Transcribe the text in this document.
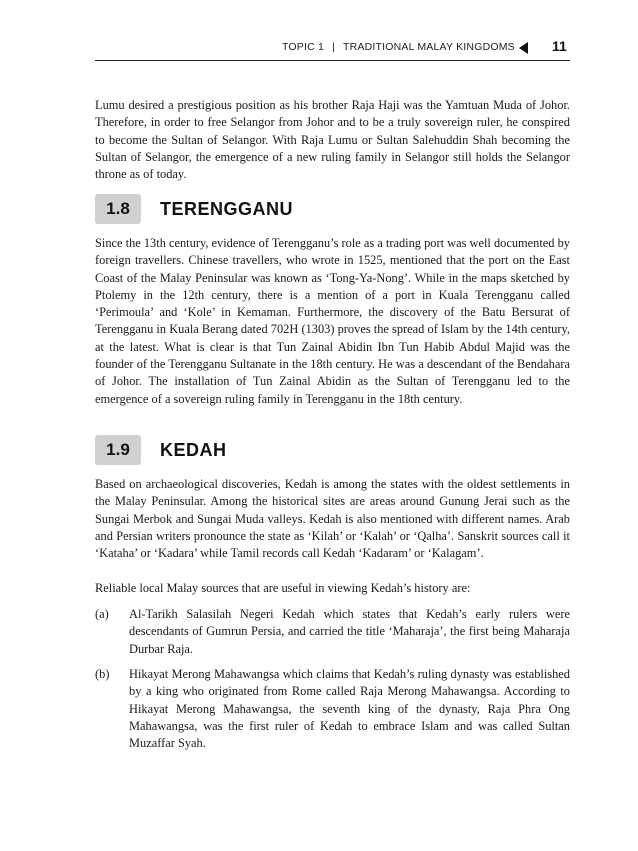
TOPIC 1 | TRADITIONAL MALAY KINGDOMS	11

Lumu desired a prestigious position as his brother Raja Haji was the Yamtuan Muda of Johor. Therefore, in order to free Selangor from Johor and to be a truly sovereign ruler, he conspired to become the Sultan of Selangor. With Raja Lumu or Sultan Salehuddin Shah becoming the Sultan of Selangor, the emergence of a new ruling family in Selangor still holds the Selangor throne as of today.

1.8	TERENGGANU

Since the 13th century, evidence of Terengganu’s role as a trading port was well documented by foreign travellers. Chinese travellers, who wrote in 1525, mentioned that the port on the East Coast of the Malay Peninsular was known as ‘Tong-Ya-Nong’. While in the maps sketched by Ptolemy in the 12th century, there is a mention of a port in Kuala Terengganu called ‘Perimoula’ and ‘Kole’ in Kemaman. Furthermore, the discovery of the Batu Bersurat of Terengganu in Kuala Berang dated 702H (1303) proves the spread of Islam by the 14th century, at the latest. What is clear is that Tun Zainal Abidin Ibn Tun Habib Abdul Majid was the founder of the Terengganu Sultanate in the 18th century. He was a descendant of the Bendahara of Johor. The installation of Tun Zainal Abidin as the Sultan of Terengganu led to the emergence of a sovereign ruling family in Terengganu in the 18th century.

1.9	KEDAH

Based on archaeological discoveries, Kedah is among the states with the oldest settlements in the Malay Peninsular. Among the historical sites are areas around Gunung Jerai such as the Sungai Merbok and Sungai Muda valleys. Kedah is also mentioned with different names. Arab and Persian writers pronounce the state as ‘Kilah’ or ‘Kalah’ or ‘Qalha’. Sanskrit sources call it ‘Kataha’ or ‘Kadara’ while Tamil records call Kedah ‘Kadaram’ or ‘Kalagam’.

Reliable local Malay sources that are useful in viewing Kedah’s history are:

(a) Al-Tarikh Salasilah Negeri Kedah which states that Kedah’s early rulers were descendants of Gumrun Persia, and carried the title ‘Maharaja’, the first being Maharaja Durbar Raja.

(b) Hikayat Merong Mahawangsa which claims that Kedah’s ruling dynasty was established by a king who originated from Rome called Raja Merong Mahawangsa. According to Hikayat Merong Mahawangsa, the seventh king of the dynasty, Raja Phra Ong Mahawangsa, was the first ruler of Kedah to embrace Islam and was called Sultan Muzaffar Syah.
